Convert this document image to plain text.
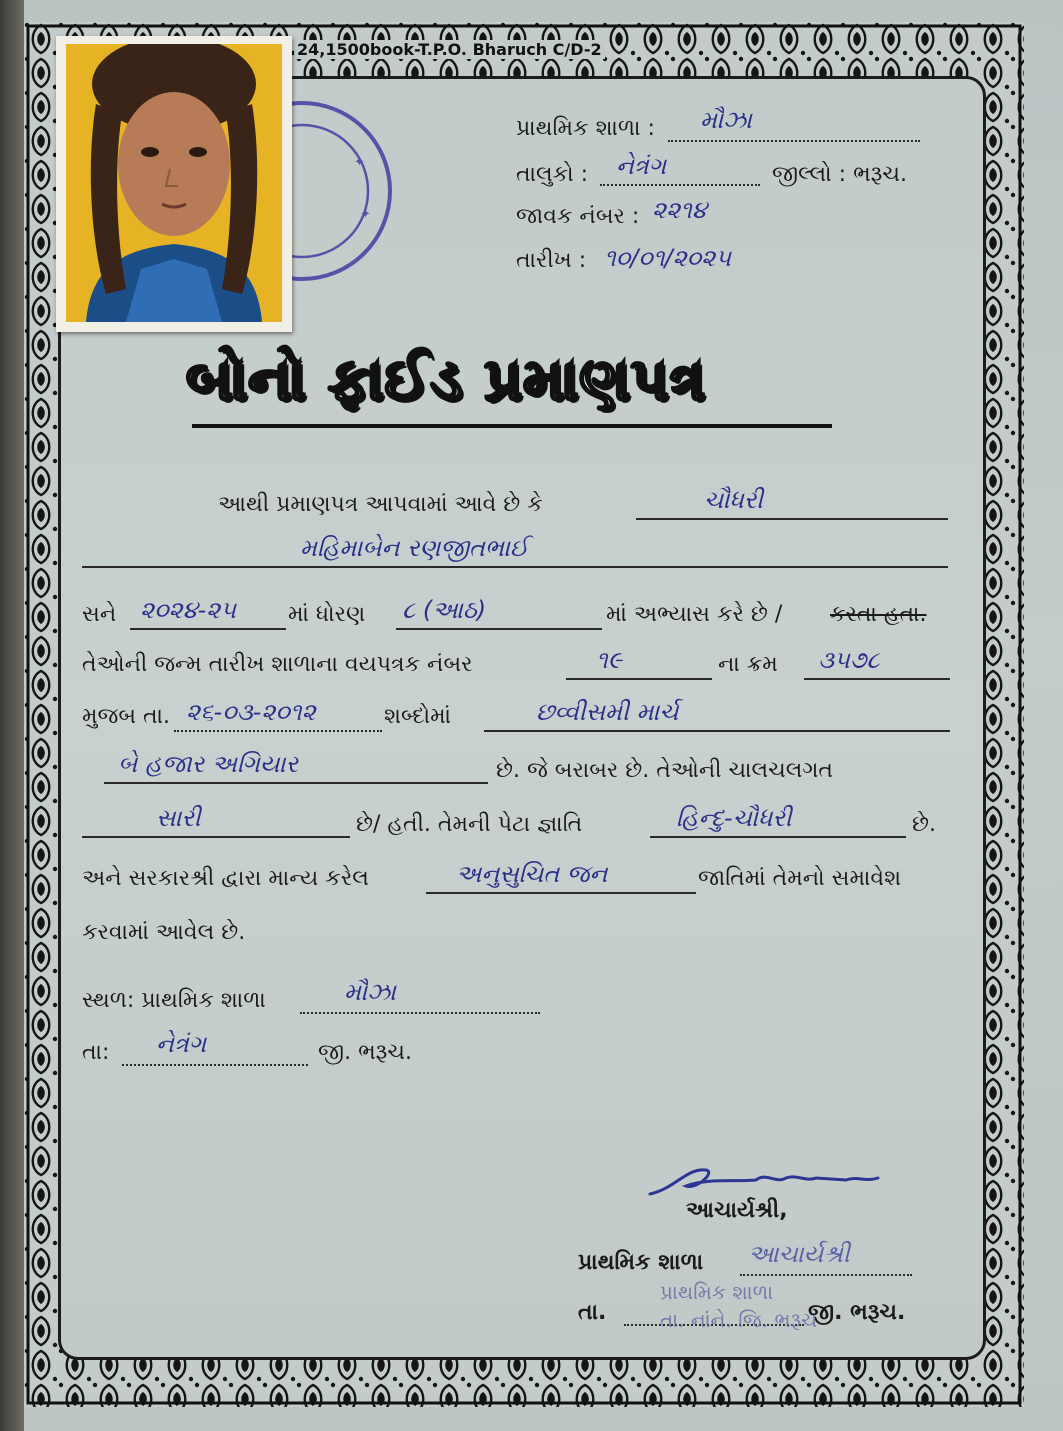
24,1500book-T.P.O. Bharuch C/D-2
✦
✦
પ્રાથમિક શાળા : મૌઝા
તાલુકો : નેત્રંગ	જીલ્લો : ભરૂચ.
જાવક નંબર : ૨૨૧૪
તારીખ : ૧૦/૦૧/૨૦૨૫
બોનો ફાઈડ પ્રમાણપત્ર
આથી પ્રમાણપત્ર આપવામાં આવે છે કે	ચૌધરી
મહિમાબેન રણજીતભાઈ
સને ૨૦૨૪-૨૫ માં ધોરણ ૮ (આઠ)	માં અભ્યાસ કરે છે / કરતા હતા.
તેઓની જન્મ તારીખ શાળાના વયપત્રક નંબર	૧૯	ના ક્રમ ૩૫૭૮
મુજબ તા. ૨૬-૦૩-૨૦૧૨	શબ્દોમાં	છવ્વીસમી માર્ચ
બે હજાર અગિયાર	છે. જે બરાબર છે. તેઓની ચાલચલગત
સારી	છે/ હતી. તેમની પેટા જ્ઞાતિ	હિન્દુ-ચૌધરી	છે.
અને સરકારશ્રી દ્વારા માન્ય કરેલ	અનુસુચિત જન	જાતિમાં તેમનો સમાવેશ
કરવામાં આવેલ છે.
સ્થળ: પ્રાથમિક શાળા	મૌઝા
તા: નેત્રંગ	જી. ભરૂચ.
આચાર્યશ્રી,
પ્રાથમિક શાળા આચાર્યશ્રી
તા.	જી. ભરૂચ.
પ્રાથમિક શાળા
તા. નાંને. જિ. ભરૂચ
